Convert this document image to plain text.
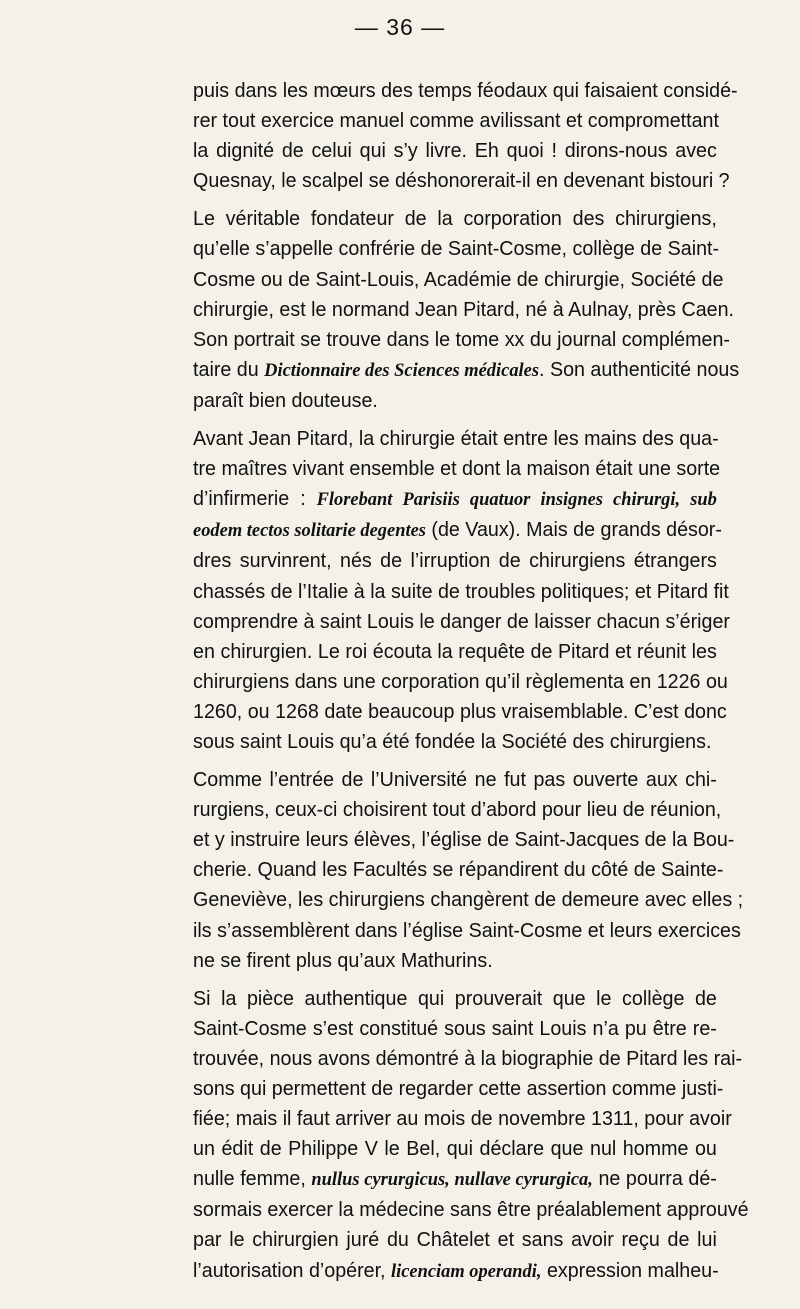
— 36 —

puis dans les mœurs des temps féodaux qui faisaient considé-
rer tout exercice manuel comme avilissant et compromettant
la dignité de celui qui s’y livre. Eh quoi ! dirons-nous avec
Quesnay, le scalpel se déshonorerait-il en devenant bistouri ?

Le véritable fondateur de la corporation des chirurgiens,
qu’elle s’appelle confrérie de Saint-Cosme, collège de Saint-
Cosme ou de Saint-Louis, Académie de chirurgie, Société de
chirurgie, est le normand Jean Pitard, né à Aulnay, près Caen.
Son portrait se trouve dans le tome xx du journal complémen-
taire du Dictionnaire des Sciences médicales. Son authenticité nous
paraît bien douteuse.

Avant Jean Pitard, la chirurgie était entre les mains des qua-
tre maîtres vivant ensemble et dont la maison était une sorte
d’infirmerie : Florebant Parisiis quatuor insignes chirurgi, sub
eodem tectos solitarie degentes (de Vaux). Mais de grands désor-
dres survinrent, nés de l’irruption de chirurgiens étrangers
chassés de l’Italie à la suite de troubles politiques; et Pitard fit
comprendre à saint Louis le danger de laisser chacun s’ériger
en chirurgien. Le roi écouta la requête de Pitard et réunit les
chirurgiens dans une corporation qu’il règlementa en 1226 ou
1260, ou 1268 date beaucoup plus vraisemblable. C’est donc
sous saint Louis qu’a été fondée la Société des chirurgiens.

Comme l’entrée de l’Université ne fut pas ouverte aux chi-
rurgiens, ceux-ci choisirent tout d’abord pour lieu de réunion,
et y instruire leurs élèves, l’église de Saint-Jacques de la Bou-
cherie. Quand les Facultés se répandirent du côté de Sainte-
Geneviève, les chirurgiens changèrent de demeure avec elles ;
ils s’assemblèrent dans l’église Saint-Cosme et leurs exercices
ne se firent plus qu’aux Mathurins.

Si la pièce authentique qui prouverait que le collège de
Saint-Cosme s’est constitué sous saint Louis n’a pu être re-
trouvée, nous avons démontré à la biographie de Pitard les rai-
sons qui permettent de regarder cette assertion comme justi-
fiée; mais il faut arriver au mois de novembre 1311, pour avoir
un édit de Philippe V le Bel, qui déclare que nul homme ou
nulle femme, nullus cyrurgicus, nullave cyrurgica, ne pourra dé-
sormais exercer la médecine sans être préalablement approuvé
par le chirurgien juré du Châtelet et sans avoir reçu de lui
l’autorisation d’opérer, licenciam operandi, expression malheu-
